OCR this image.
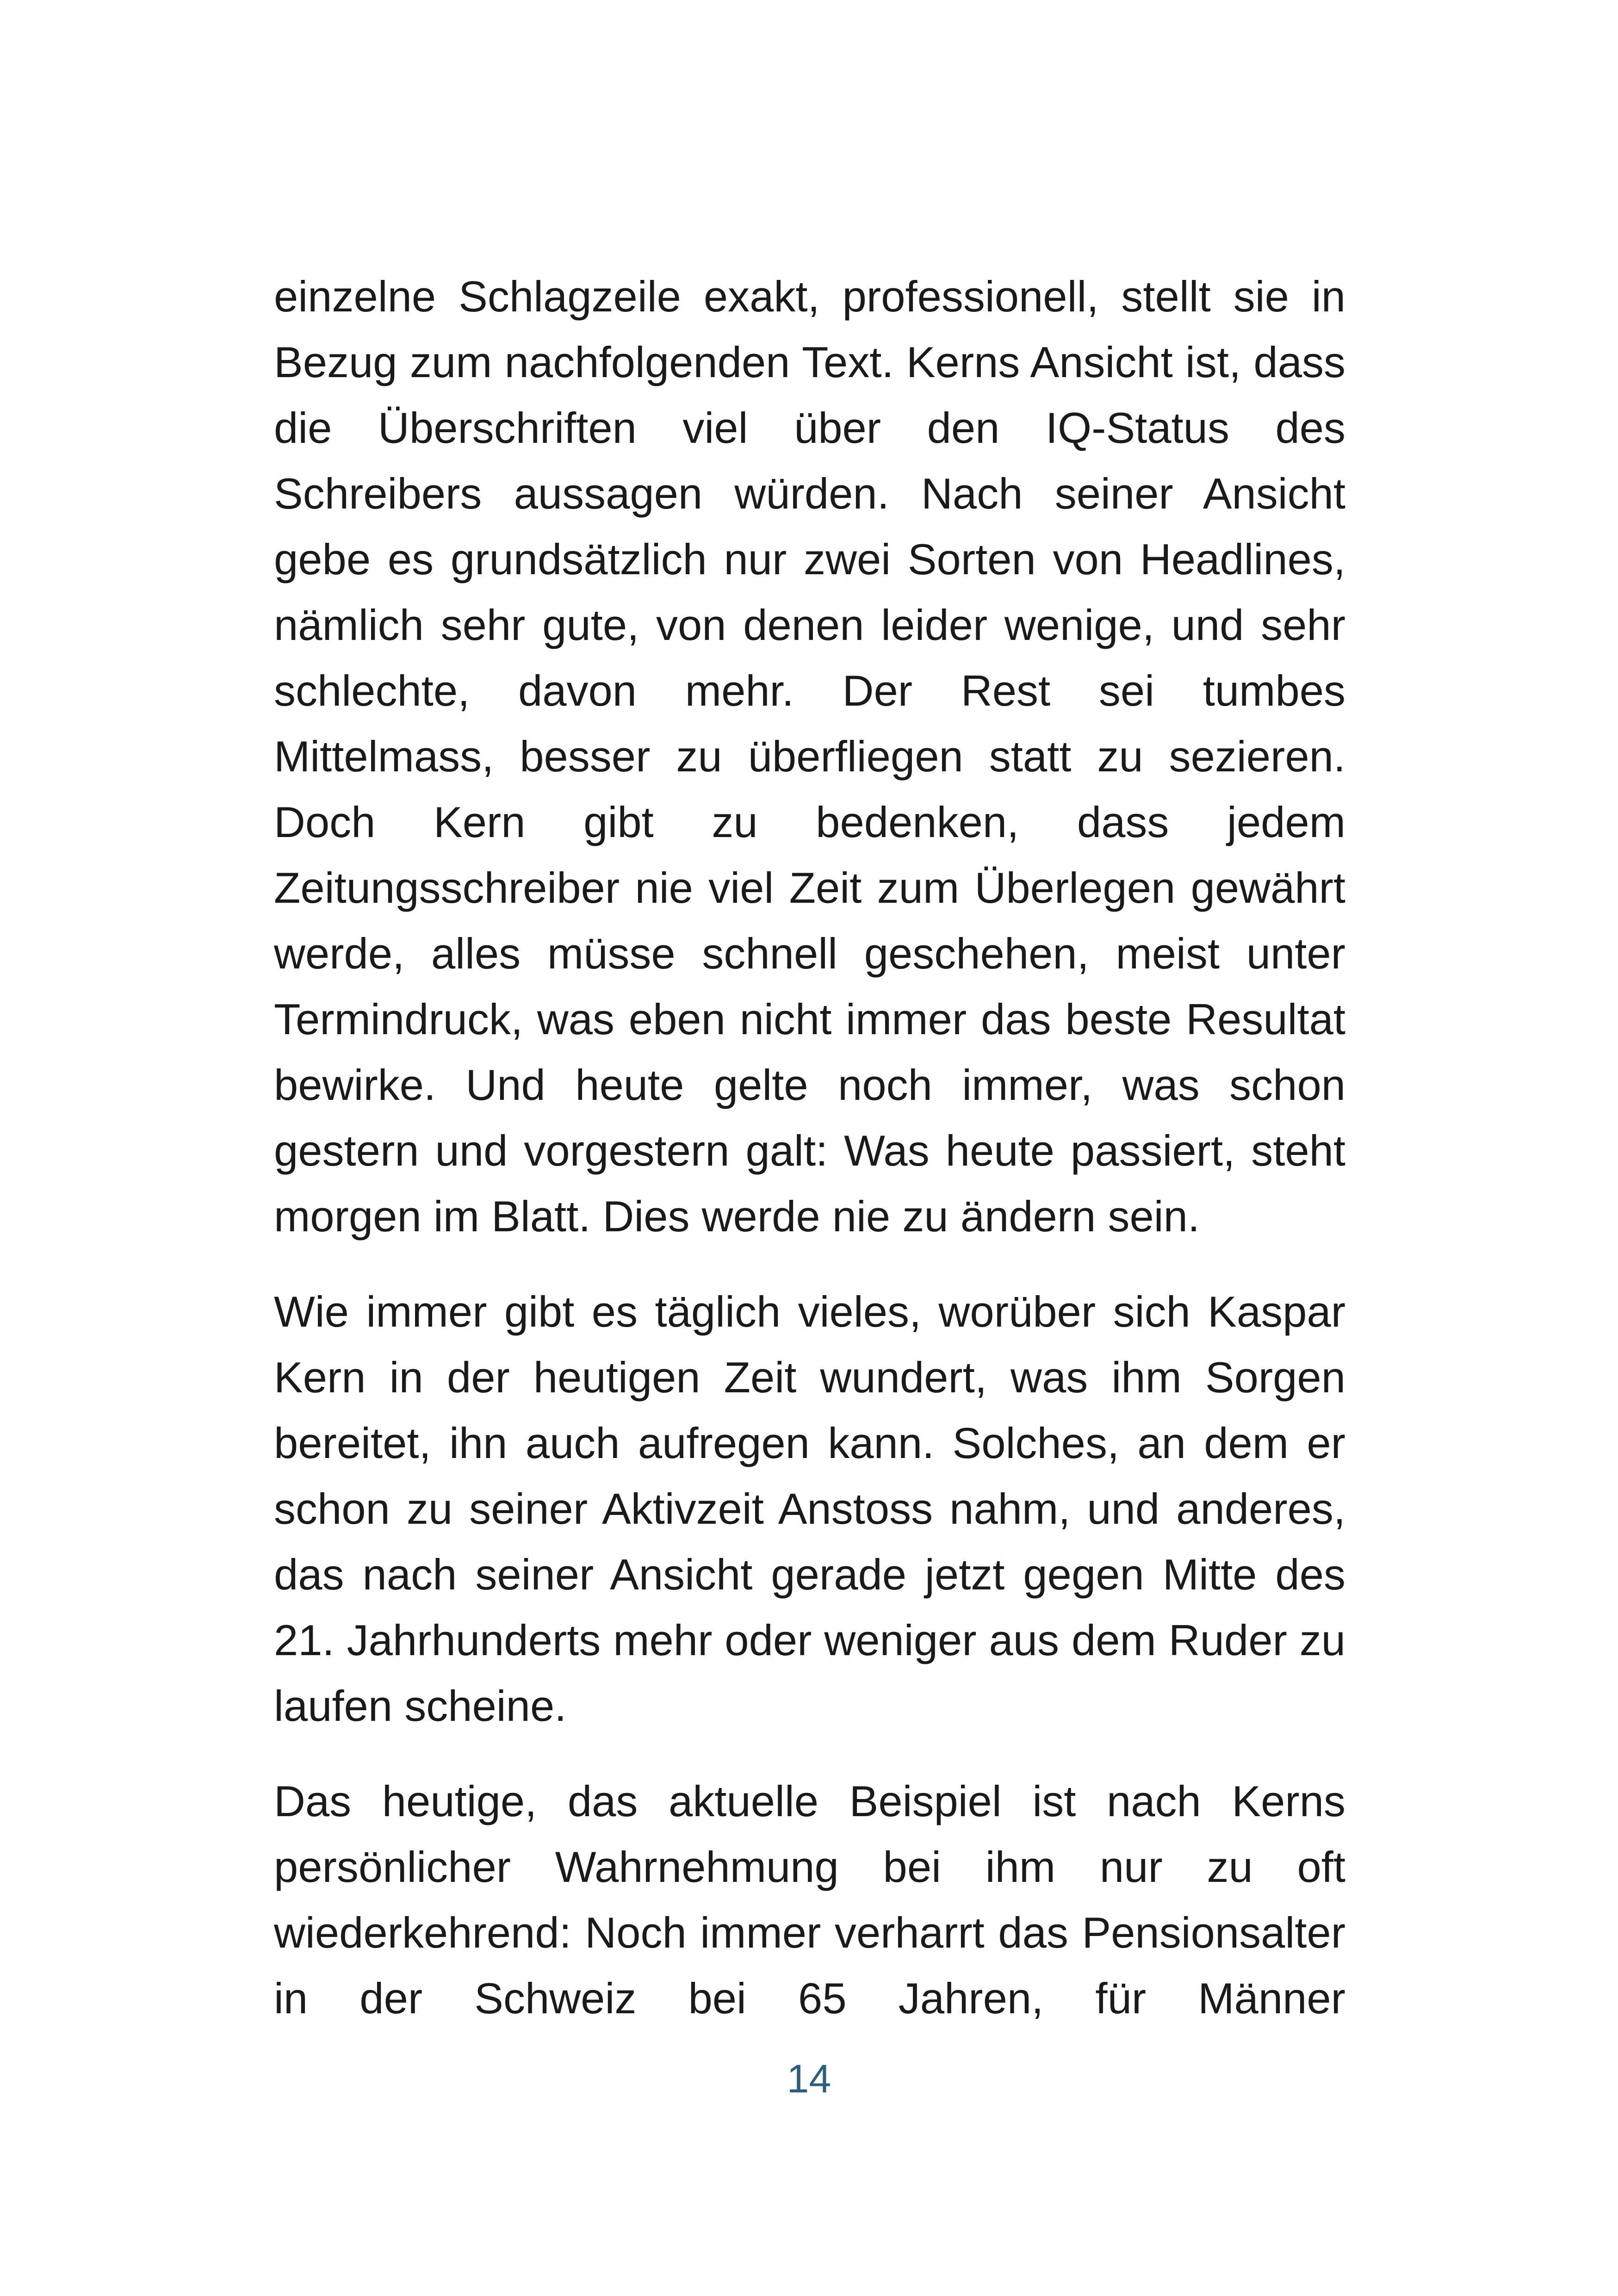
einzelne Schlagzeile exakt, professionell, stellt sie in Bezug zum nachfolgenden Text. Kerns Ansicht ist, dass die Überschriften viel über den IQ-Status des Schreibers aussagen würden. Nach seiner Ansicht gebe es grundsätzlich nur zwei Sorten von Headlines, nämlich sehr gute, von denen leider wenige, und sehr schlechte, davon mehr. Der Rest sei tumbes Mittelmass, besser zu überfliegen statt zu sezieren. Doch Kern gibt zu bedenken, dass jedem Zeitungsschreiber nie viel Zeit zum Überlegen gewährt werde, alles müsse schnell geschehen, meist unter Termindruck, was eben nicht immer das beste Resultat bewirke. Und heute gelte noch immer, was schon gestern und vorgestern galt: Was heute passiert, steht morgen im Blatt. Dies werde nie zu ändern sein.

Wie immer gibt es täglich vieles, worüber sich Kaspar Kern in der heutigen Zeit wundert, was ihm Sorgen bereitet, ihn auch aufregen kann. Solches, an dem er schon zu seiner Aktivzeit Anstoss nahm, und anderes, das nach seiner Ansicht gerade jetzt gegen Mitte des 21. Jahrhunderts mehr oder weniger aus dem Ruder zu laufen scheine.

Das heutige, das aktuelle Beispiel ist nach Kerns persönlicher Wahrnehmung bei ihm nur zu oft wiederkehrend: Noch immer verharrt das Pensionsalter in der Schweiz bei 65 Jahren, für Männer

14
